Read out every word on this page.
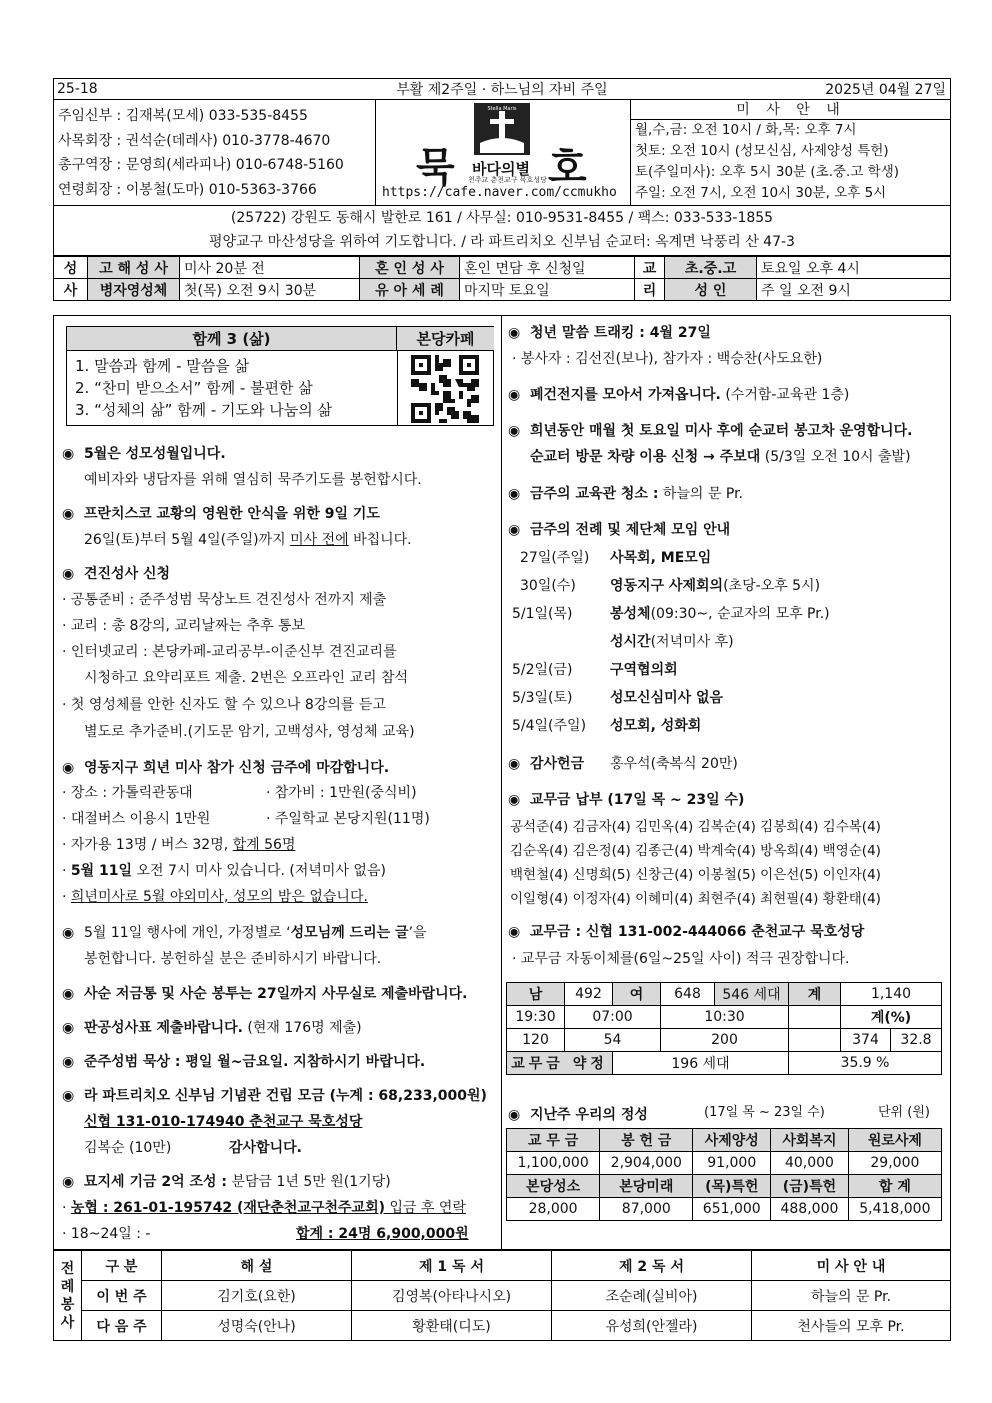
25-18	부활 제2주일 · 하느님의 자비 주일	2025년 04월 27일
주임신부 : 김재복(모세) 033-535-8455
사목회장 : 권석순(데레사) 010-3778-4670
총구역장 : 문영희(세라피나) 010-6748-5160
연령회장 : 이봉철(도마) 010-5363-3766	묵
Stella Maris
바다의별
천주교 춘천교구 묵호성당 호
https://cafe.naver.com/ccmukho
미 사 안 내
월,수,금: 오전 10시 / 화,목: 오후 7시
첫토: 오전 10시 (성모신심, 사제양성 특헌)
토(주일미사): 오후 5시 30분 (초.중.고 학생)
주일: 오전 7시, 오전 10시 30분, 오후 5시
(25722) 강원도 동해시 발한로 161 / 사무실: 010-9531-8455 / 팩스: 033-533-1855
평양교구 마산성당을 위하여 기도합니다. / 라 파트리치오 신부님 순교터: 옥계면 낙풍리 산 47-3
성	고 해 성 사	미사 20분 전	혼 인 성 사	혼인 면담 후 신청일	교	초.중.고	토요일 오후 4시
사	병자영성체	첫(목) 오전 9시 30분	유 아 세 례	마지막 토요일	리	성 인	주 일 오전 9시
함께 3 (삶)	본당카페
1. 말씀과 함께 - 말씀을 삶
2. “찬미 받으소서” 함께 - 불편한 삶
3. “성체의 삶” 함께 - 기도와 나눔의 삶
◉5월은 성모성월입니다.
예비자와 냉담자를 위해 열심히 묵주기도를 봉헌합시다.
◉프란치스코 교황의 영원한 안식을 위한 9일 기도
26일(토)부터 5월 4일(주일)까지 미사 전에 바칩니다.
◉견진성사 신청
· 공통준비 : 준주성범 묵상노트 견진성사 전까지 제출
· 교리 : 총 8강의, 교리날짜는 추후 통보
· 인터넷교리 : 본당카페-교리공부-이준신부 견진교리를
시청하고 요약리포트 제출. 2번은 오프라인 교리 참석
· 첫 영성체를 안한 신자도 할 수 있으나 8강의를 듣고
별도로 추가준비.(기도문 암기, 고백성사, 영성체 교육)
◉영동지구 희년 미사 참가 신청 금주에 마감합니다.
· 장소 : 가톨릭관동대	· 참가비 : 1만원(중식비)
· 대절버스 이용시 1만원	· 주일학교 본당지원(11명)
· 자가용 13명 / 버스 32명, 합계 56명
· 5월 11일 오전 7시 미사 있습니다. (저녁미사 없음)
· 희년미사로 5월 야외미사, 성모의 밤은 없습니다.
◉5월 11일 행사에 개인, 가정별로 ‘성모님께 드리는 글’을
봉헌합니다. 봉헌하실 분은 준비하시기 바랍니다.
◉사순 저금통 및 사순 봉투는 27일까지 사무실로 제출바랍니다.
◉판공성사표 제출바랍니다. (현재 176명 제출)
◉준주성범 묵상 : 평일 월~금요일. 지참하시기 바랍니다.
◉라 파트리치오 신부님 기념관 건립 모금 (누계 : 68,233,000원)
신협 131-010-174940 춘천교구 묵호성당
김복순 (10만)	감사합니다.
◉묘지세 기금 2억 조성 : 분담금 1년 5만 원(1기당)
· 농협 : 261-01-195742 (재단춘천교구천주교회) 입금 후 연락
· 18~24일 : -	합계 : 24명 6,900,000원
◉청년 말씀 트래킹 : 4월 27일
· 봉사자 : 김선진(보나), 참가자 : 백승찬(사도요한)
◉폐건전지를 모아서 가져옵니다. (수거함-교육관 1층)
◉희년동안 매월 첫 토요일 미사 후에 순교터 봉고차 운영합니다.
순교터 방문 차량 이용 신청 → 주보대 (5/3일 오전 10시 출발)
◉금주의 교육관 청소 : 하늘의 문 Pr.
◉금주의 전례 및 제단체 모임 안내
27일(주일) 사목회, ME모임
30일(수) 영동지구 사제회의(초당-오후 5시)
5/1일(목)	봉성체(09:30~, 순교자의 모후 Pr.)
성시간(저녁미사 후)
5/2일(금)	구역협의회
5/3일(토)	성모신심미사 없음
5/4일(주일) 성모회, 성화회
◉감사헌금 홍우석(축복식 20만)
◉교무금 납부 (17일 목 ~ 23일 수)
공석준(4) 김금자(4) 김민옥(4) 김복순(4) 김봉희(4) 김수복(4)
김순옥(4) 김은정(4) 김종근(4) 박계숙(4) 방옥희(4) 백영순(4)
백현철(4) 신명희(5) 신창근(4) 이봉철(5) 이은선(5) 이인자(4)
이일형(4) 이정자(4) 이혜미(4) 최현주(4) 최현필(4) 황환태(4)
◉교무금 : 신협 131-002-444066 춘천교구 묵호성당
· 교무금 자동이체를(6일~25일 사이) 적극 권장합니다.
남	492	여	648	546 세대	계	1,140	
19:30	07:00		10:30			계(%)	
120	54		200			374	32.8
교무금 약정		196 세대			35.9 %		
◉지난주 우리의 정성	(17일 목 ~ 23일 수)	단위 (원)
교 무 금	봉 헌 금	사제양성	사회복지	원로사제
1,100,000	2,904,000	91,000	40,000	29,000
본당성소	본당미래	(목)특헌	(금)특헌	합 계
28,000	87,000	651,000	488,000	5,418,000
전
례
봉
사	구 분	해 설	제 1 독 서	제 2 독 서	미 사 안 내
	이 번 주	김기호(요한)	김영복(아타나시오)	조순례(실비아)	하늘의 문 Pr.
	다 음 주	성명숙(안나)	황환태(디도)	유성희(안젤라)	천사들의 모후 Pr.
